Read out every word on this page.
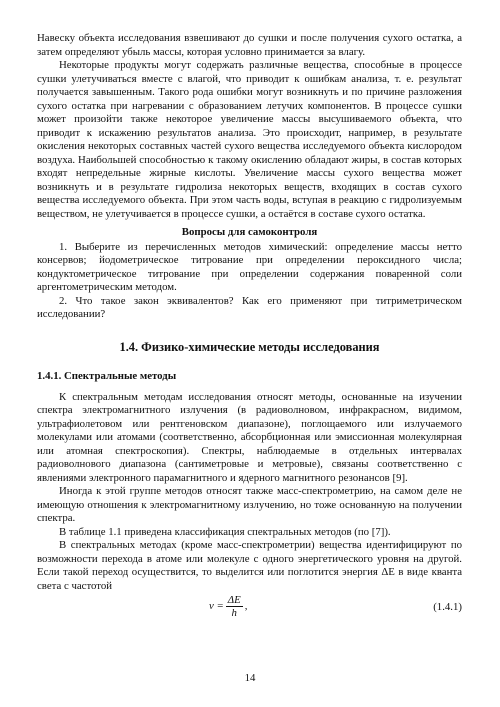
Навеску объекта исследования взвешивают до сушки и после получения сухого остатка, а затем определяют убыль массы, которая условно принимается за влагу.

Некоторые продукты могут содержать различные вещества, способные в процессе сушки улетучиваться вместе с влагой, что приводит к ошибкам анализа, т. е. результат получается завышенным. Такого рода ошибки могут возникнуть и по причине разложения сухого остатка при нагревании с образованием летучих компонентов. В процессе сушки может произойти также некоторое увеличение массы высушиваемого объекта, что приводит к искажению результатов анализа. Это происходит, например, в результате окисления некоторых составных частей сухого вещества исследуемого объекта кислородом воздуха. Наибольшей способностью к такому окислению обладают жиры, в состав которых входят непредельные жирные кислоты. Увеличение массы сухого вещества может возникнуть и в результате гидролиза некоторых веществ, входящих в состав сухого вещества исследуемого объекта. При этом часть воды, вступая в реакцию с гидролизуемым веществом, не улетучивается в процессе сушки, а остаётся в составе сухого остатка.

Вопросы для самоконтроля

1. Выберите из перечисленных методов химический: определение массы нетто консервов; йодометрическое титрование при определении пероксидного числа; кондуктометрическое титрование при определении содержания поваренной соли аргентометрическим методом.

2. Что такое закон эквивалентов? Как его применяют при титриметрическом исследовании?

1.4. Физико-химические методы исследования
1.4.1. Спектральные методы

К спектральным методам исследования относят методы, основанные на изучении спектра электромагнитного излучения (в радиоволновом, инфракрасном, видимом, ультрафиолетовом или рентгеновском диапазоне), поглощаемого или излучаемого молекулами или атомами (соответственно, абсорбционная или эмиссионная молекулярная или атомная спектроскопия). Спектры, наблюдаемые в отдельных интервалах радиоволнового диапазона (сантиметровые и метровые), связаны соответственно с явлениями электронного парамагнитного и ядерного магнитного резонансов [9].

Иногда к этой группе методов относят также масс-спектрометрию, на самом деле не имеющую отношения к электромагнитному излучению, но тоже основанную на получении спектра.

В таблице 1.1 приведена классификация спектральных методов (по [7]).

В спектральных методах (кроме масс-спектрометрии) вещества идентифицируют по возможности перехода в атоме или молекуле с одного энергетического уровня на другой. Если такой переход осуществится, то выделится или поглотится энергия ΔE в виде кванта света с частотой

$\nu = \frac{\Delta E}{h}$ ,	(1.4.1)
14
